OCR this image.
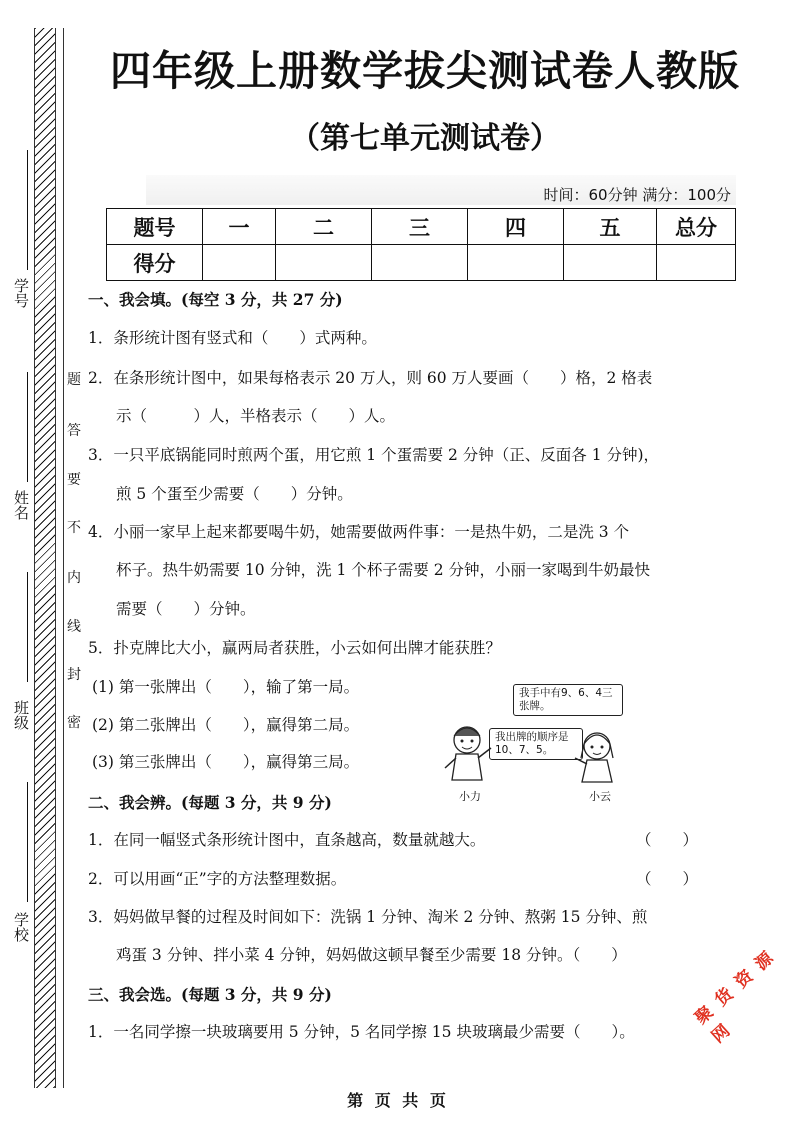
题
答
要
不
内
线
封
密
学号
姓名
班级
学校
四年级上册数学拔尖测试卷人教版
（第七单元测试卷）
时间：60分钟 满分：100分
题号	一	二	三	四	五	总分
得分						
一、我会填。(每空 3 分，共 27 分)
1．条形统计图有竖式和（　　）式两种。
2．在条形统计图中，如果每格表示 20 万人，则 60 万人要画（　　）格，2 格表
示（　　　）人，半格表示（　　）人。
3．一只平底锅能同时煎两个蛋，用它煎 1 个蛋需要 2 分钟（正、反面各 1 分钟)，
煎 5 个蛋至少需要（　　）分钟。
4．小丽一家早上起来都要喝牛奶，她需要做两件事：一是热牛奶，二是洗 3 个
杯子。热牛奶需要 10 分钟，洗 1 个杯子需要 2 分钟，小丽一家喝到牛奶最快
需要（　　）分钟。
5．扑克牌比大小，赢两局者获胜，小云如何出牌才能获胜？
(1) 第一张牌出（　　），输了第一局。
(2) 第二张牌出（　　），赢得第二局。
(3) 第三张牌出（　　），赢得第三局。
我手中有9、6、4三张牌。
我出牌的顺序是10、7、5。
小力	小云
二、我会辨。(每题 3 分，共 9 分)
1．在同一幅竖式条形统计图中，直条越高，数量就越大。	（　　）
2．可以用画“正”字的方法整理数据。	（　　）
3．妈妈做早餐的过程及时间如下：洗锅 1 分钟、淘米 2 分钟、熬粥 15 分钟、煎
鸡蛋 3 分钟、拌小菜 4 分钟，妈妈做这顿早餐至少需要 18 分钟。（　　）
三、我会选。(每题 3 分，共 9 分)
1．一名同学擦一块玻璃要用 5 分钟，5 名同学擦 15 块玻璃最少需要（　　）。
聚 货 资 源 网
第 页 共 页
